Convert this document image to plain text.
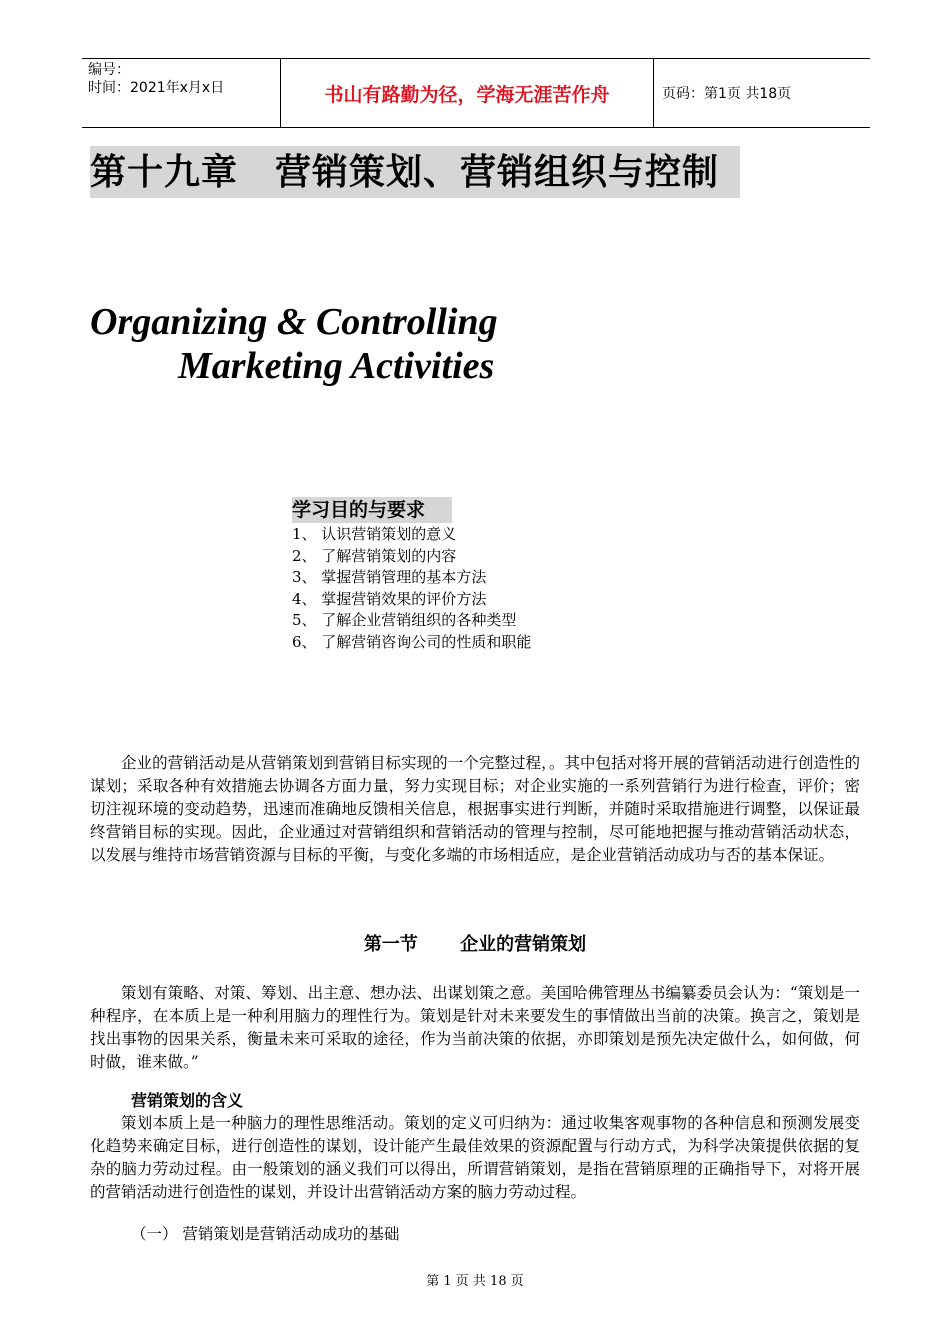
编号：
时间：2021年x月x日	书山有路勤为径，学海无涯苦作舟	页码：第1页 共18页
第十九章　营销策划、营销组织与控制
Organizing & Controlling
Marketing Activities
学习目的与要求
1、 认识营销策划的意义
2、 了解营销策划的内容
3、 掌握营销管理的基本方法
4、 掌握营销效果的评价方法
5、 了解企业营销组织的各种类型
6、 了解营销咨询公司的性质和职能

企业的营销活动是从营销策划到营销目标实现的一个完整过程，。其中包括对将开展的营销活动进行创造性的谋划；采取各种有效措施去协调各方面力量，努力实现目标；对企业实施的一系列营销行为进行检查，评价；密切注视环境的变动趋势，迅速而准确地反馈相关信息，根据事实进行判断，并随时采取措施进行调整，以保证最终营销目标的实现。因此，企业通过对营销组织和营销活动的管理与控制，尽可能地把握与推动营销活动状态，以发展与维持市场营销资源与目标的平衡，与变化多端的市场相适应，是企业营销活动成功与否的基本保证。

第一节 企业的营销策划

策划有策略、对策、筹划、出主意、想办法、出谋划策之意。美国哈佛管理丛书编纂委员会认为：“策划是一种程序，在本质上是一种利用脑力的理性行为。策划是针对未来要发生的事情做出当前的决策。换言之，策划是找出事物的因果关系，衡量未来可采取的途径，作为当前决策的依据，亦即策划是预先决定做什么，如何做，何时做，谁来做。”

营销策划的含义

策划本质上是一种脑力的理性思维活动。策划的定义可归纳为：通过收集客观事物的各种信息和预测发展变化趋势来确定目标，进行创造性的谋划，设计能产生最佳效果的资源配置与行动方式，为科学决策提供依据的复杂的脑力劳动过程。由一般策划的涵义我们可以得出，所谓营销策划，是指在营销原理的正确指导下，对将开展的营销活动进行创造性的谋划，并设计出营销活动方案的脑力劳动过程。

（一） 营销策划是营销活动成功的基础

第 1 页 共 18 页
